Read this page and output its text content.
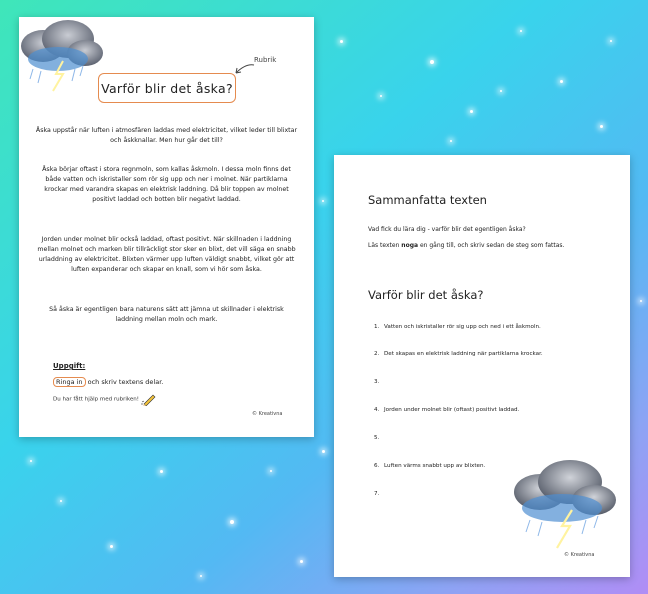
Varför blir det åska?
Rubrik
Åska uppstår när luften i atmosfären laddas med elektricitet, vilket leder till blixtar och åskknallar. Men hur går det till?
Åska börjar oftast i stora regnmoln, som kallas åskmoln. I dessa moln finns det både vatten och iskristaller som rör sig upp och ner i molnet. När partiklarna krockar med varandra skapas en elektrisk laddning. Då blir toppen av molnet positivt laddad och botten blir negativt laddad.
Jorden under molnet blir också laddad, oftast positivt. När skillnaden i laddning mellan molnet och marken blir tillräckligt stor sker en blixt, det vill säga en snabb urladdning av elektricitet. Blixten värmer upp luften väldigt snabbt, vilket gör att luften expanderar och skapar en knall, som vi hör som åska.
Så åska är egentligen bara naturens sätt att jämna ut skillnader i elektrisk laddning mellan moln och mark.
Uppgift:
Ringa in och skriv textens delar.
Du har fått hjälp med rubriken!
© Kreativna
Sammanfatta texten
Vad fick du lära dig - varför blir det egentligen åska?
Läs texten noga en gång till, och skriv sedan de steg som fattas.
Varför blir det åska?
1. Vatten och iskristaller rör sig upp och ned i ett åskmoln.
2. Det skapas en elektrisk laddning när partiklarna krockar.
3.
4. Jorden under molnet blir (oftast) positivt laddad.
5.
6. Luften värms snabbt upp av blixten.
7.
© Kreativna
